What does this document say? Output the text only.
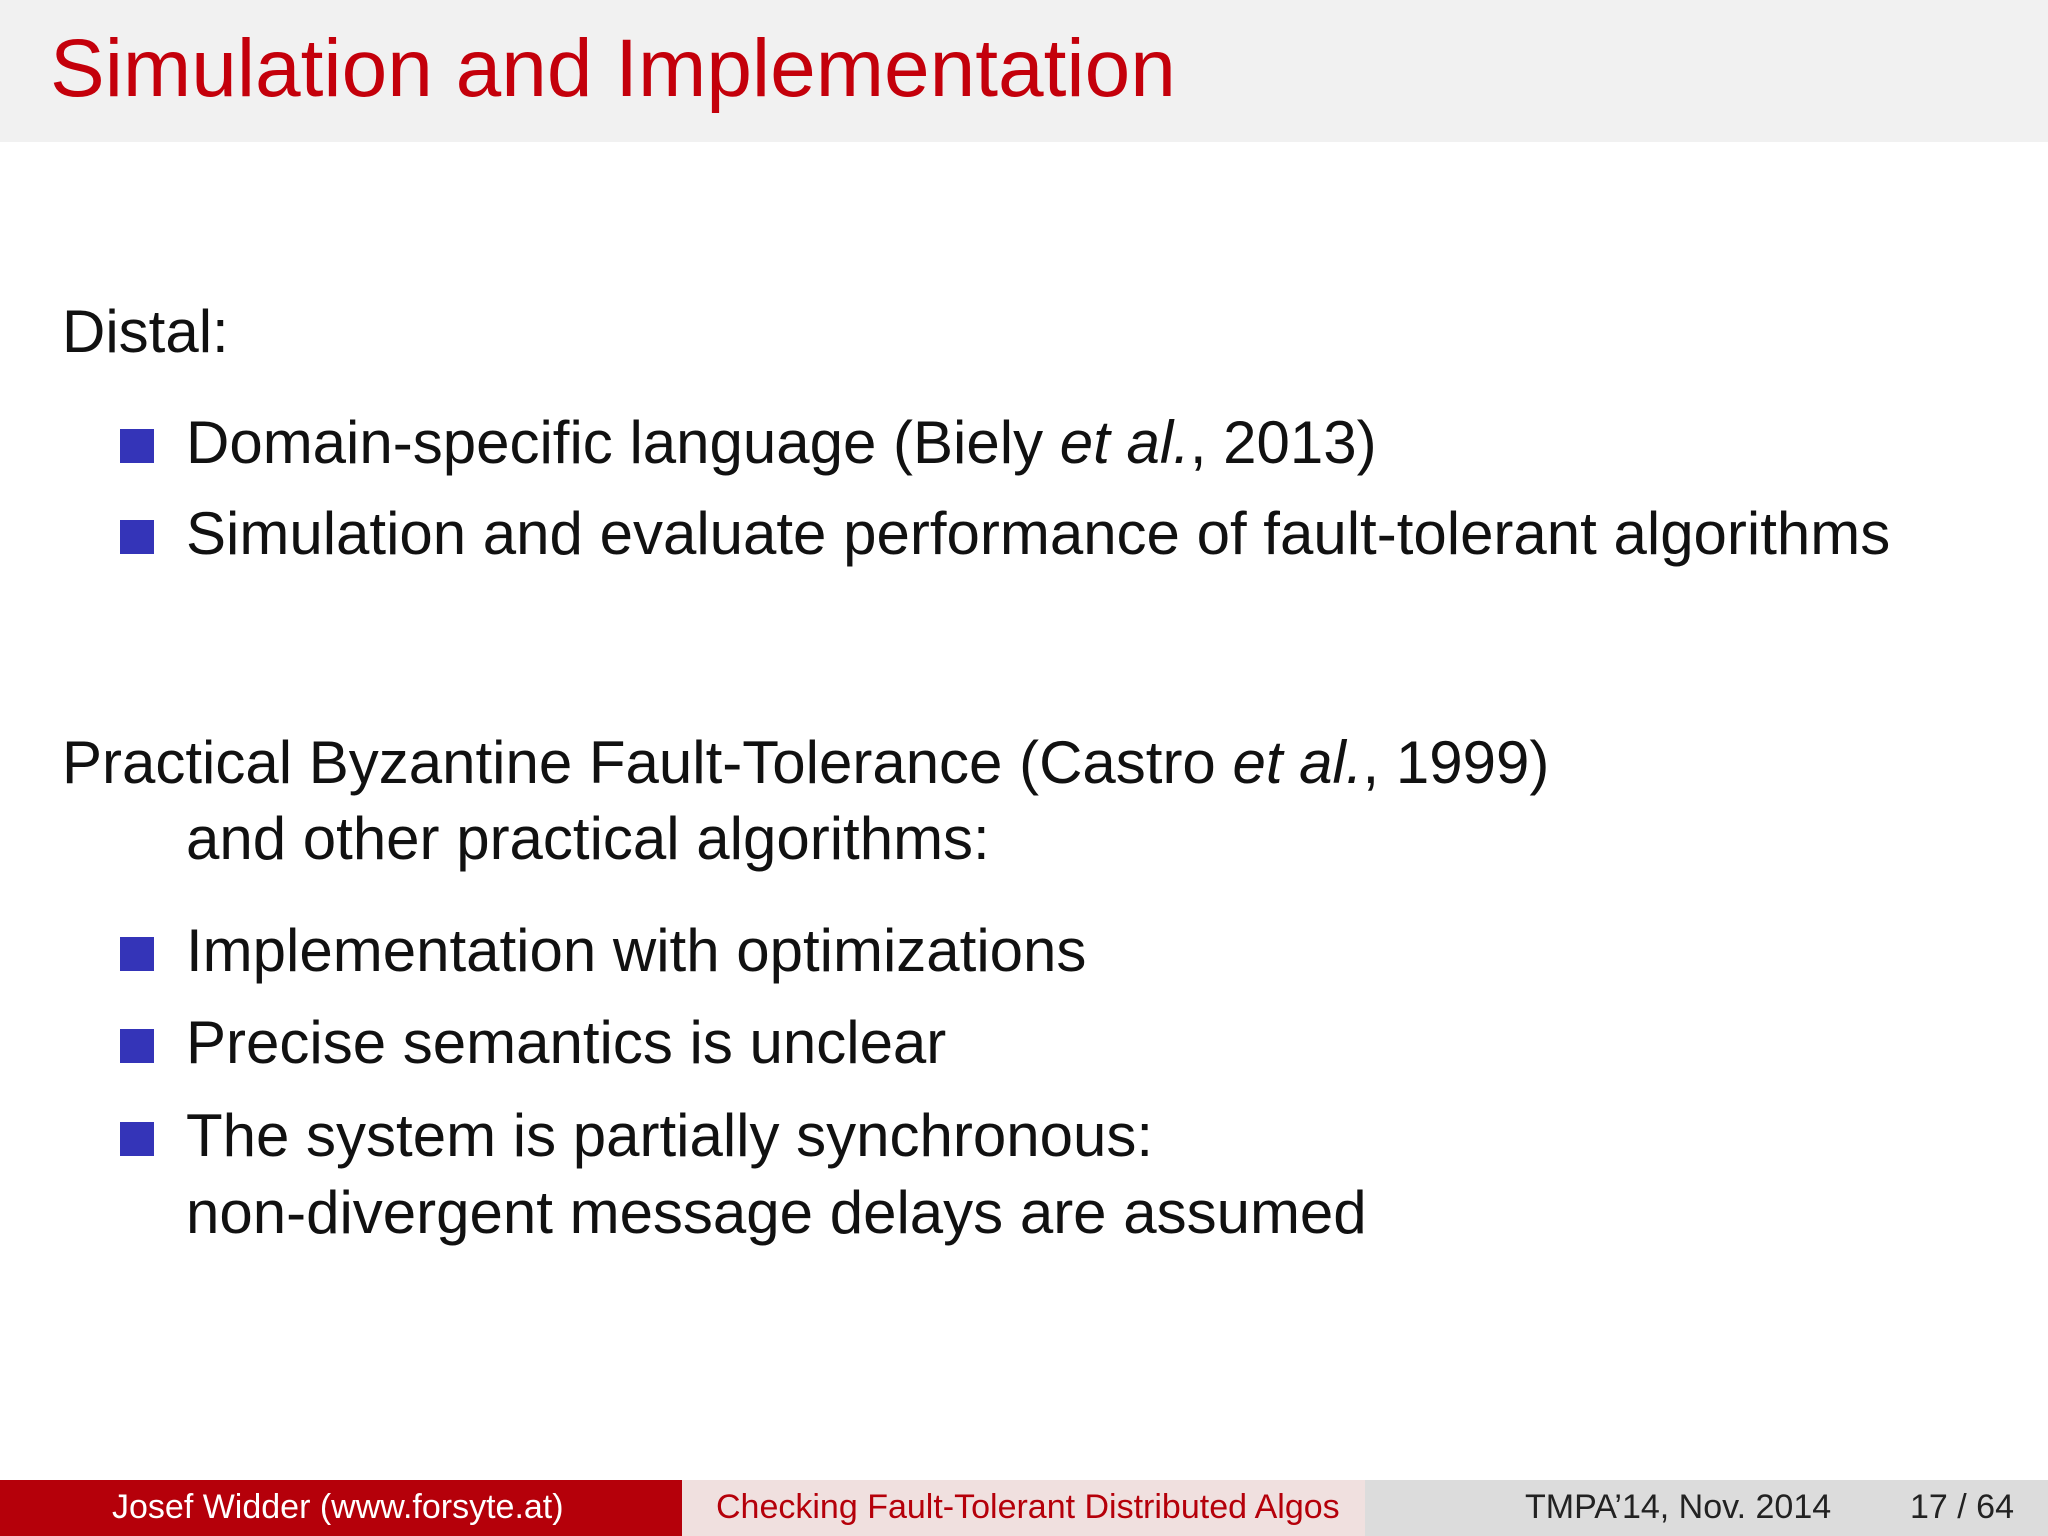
Simulation and Implementation
Distal:
Domain-specific language (Biely et al., 2013)
Simulation and evaluate performance of fault-tolerant algorithms
Practical Byzantine Fault-Tolerance (Castro et al., 1999)
and other practical algorithms:
Implementation with optimizations
Precise semantics is unclear
The system is partially synchronous:
non-divergent message delays are assumed
Josef Widder (www.forsyte.at)	Checking Fault-Tolerant Distributed Algos	TMPA’14, Nov. 2014 17 / 64
